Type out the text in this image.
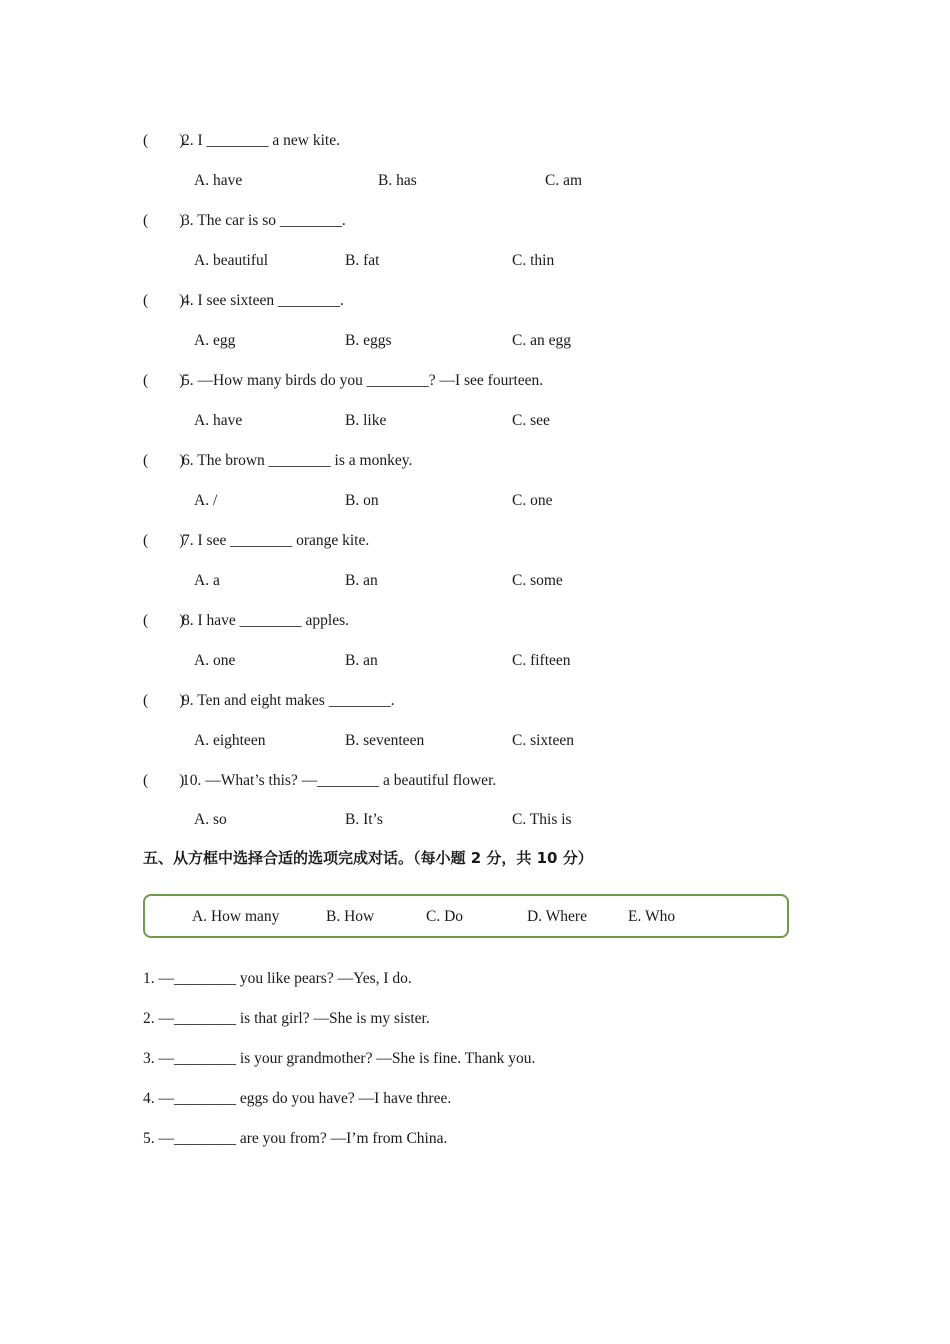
(        )
2. I ________ a new kite.
A. have	B. has	C. am
(        )
3. The car is so ________.
A. beautiful	B. fat	C. thin
(        )
4. I see sixteen ________.
A. egg	B. eggs	C. an egg
(        )
5. —How many birds do you ________? —I see fourteen.
A. have	B. like	C. see
(        )
6. The brown ________ is a monkey.
A. /	B. on	C. one
(        )
7. I see ________ orange kite.
A. a	B. an	C. some
(        )
8. I have ________ apples.
A. one	B. an	C. fifteen
(        )
9. Ten and eight makes ________.
A. eighteen	B. seventeen	C. sixteen
(        )
10. —What’s this? —________ a beautiful flower.
A. so	B. It’s	C. This is
五、从方框中选择合适的选项完成对话。（每小题 2 分，共 10 分）
A. How many	B. How	C. Do	D. Where	E. Who
1. —________ you like pears? —Yes, I do.
2. —________ is that girl? —She is my sister.
3. —________ is your grandmother? —She is fine. Thank you.
4. —________ eggs do you have? —I have three.
5. —________ are you from? —I’m from China.
